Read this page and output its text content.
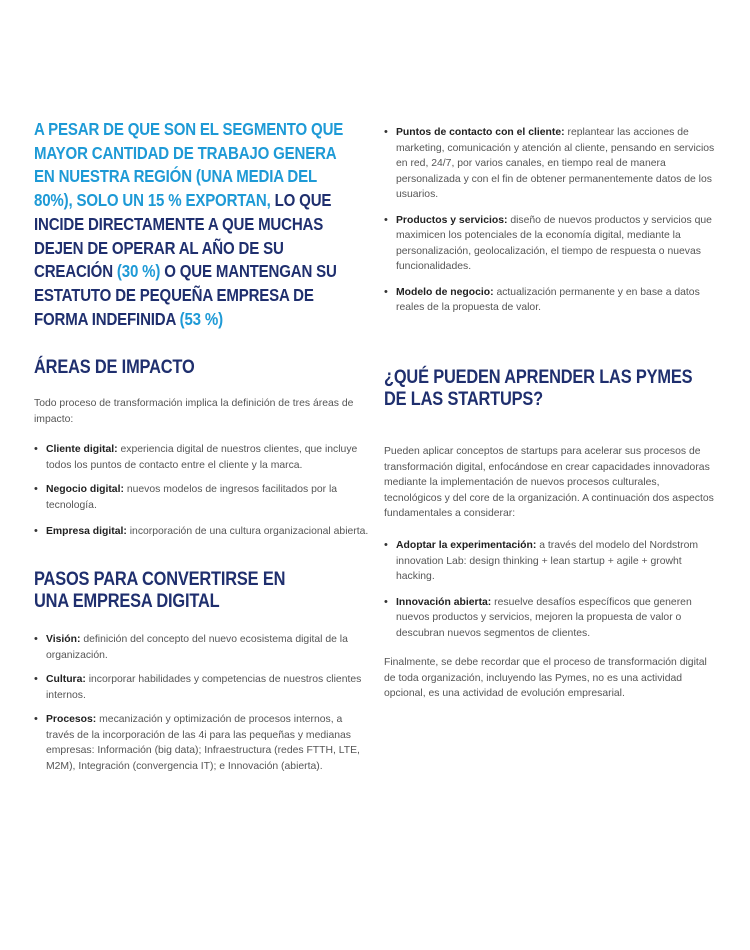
A PESAR DE QUE SON EL SEGMENTO QUE MAYOR CANTIDAD DE TRABAJO GENERA EN NUESTRA REGIÓN (UNA MEDIA DEL 80%), SOLO UN 15 % EXPORTAN, LO QUE INCIDE DIRECTAMENTE A QUE MUCHAS DEJEN DE OPERAR AL AÑO DE SU CREACIÓN (30 %) O QUE MANTENGAN SU ESTATUTO DE PEQUEÑA EMPRESA DE FORMA INDEFINIDA (53 %)
ÁREAS DE IMPACTO

Todo proceso de transformación implica la definición de tres áreas de impacto:

• Cliente digital: experiencia digital de nuestros clientes, que incluye todos los puntos de contacto entre el cliente y la marca.
• Negocio digital: nuevos modelos de ingresos facilitados por la tecnología.
• Empresa digital: incorporación de una cultura organizacional abierta.
PASOS PARA CONVERTIRSE EN UNA EMPRESA DIGITAL
• Visión: definición del concepto del nuevo ecosistema digital de la organización.
• Cultura: incorporar habilidades y competencias de nuestros clientes internos.
• Procesos: mecanización y optimización de procesos internos, a través de la incorporación de las 4i para las pequeñas y medianas empresas: Información (big data); Infraestructura (redes FTTH, LTE, M2M), Integración (convergencia IT); e Innovación (abierta).
• Puntos de contacto con el cliente: replantear las acciones de marketing, comunicación y atención al cliente, pensando en servicios en red, 24/7, por varios canales, en tiempo real de manera personalizada y con el fin de obtener permanentemente datos de los usuarios.
• Productos y servicios: diseño de nuevos productos y servicios que maximicen los potenciales de la economía digital, mediante la personalización, geolocalización, el tiempo de respuesta o nuevas funcionalidades.
• Modelo de negocio: actualización permanente y en base a datos reales de la propuesta de valor.
¿QUÉ PUEDEN APRENDER LAS PYMES DE LAS STARTUPS?

Pueden aplicar conceptos de startups para acelerar sus procesos de transformación digital, enfocándose en crear capacidades innovadoras mediante la implementación de nuevos procesos culturales, tecnológicos y del core de la organización. A continuación dos aspectos fundamentales a considerar:

• Adoptar la experimentación: a través del modelo del Nordstrom innovation Lab: design thinking + lean startup + agile + growht hacking.
• Innovación abierta: resuelve desafíos específicos que generen nuevos productos y servicios, mejoren la propuesta de valor o descubran nuevos segmentos de clientes.

Finalmente, se debe recordar que el proceso de transformación digital de toda organización, incluyendo las Pymes, no es una actividad opcional, es una actividad de evolución empresarial.
